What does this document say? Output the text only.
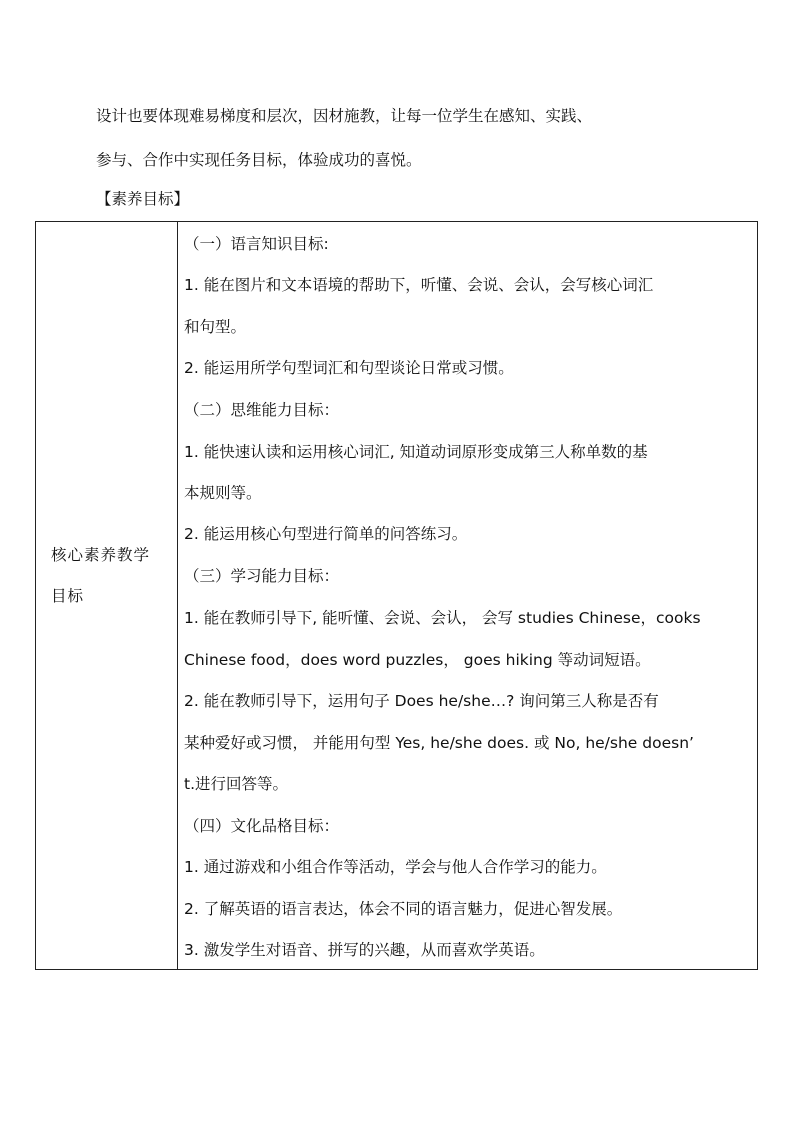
设计也要体现难易梯度和层次，因材施教，让每一位学生在感知、实践、
参与、合作中实现任务目标，体验成功的喜悦。
【素养目标】
核心素养教学
目标
（一）语言知识目标:
1. 能在图片和文本语境的帮助下，听懂、会说、会认，会写核心词汇
和句型。
2. 能运用所学句型词汇和句型谈论日常或习惯。
（二）思维能力目标：
1. 能快速认读和运用核心词汇, 知道动词原形变成第三人称单数的基
本规则等。
2. 能运用核心句型进行简单的问答练习。
（三）学习能力目标：
1. 能在教师引导下, 能听懂、会说、会认， 会写 studies Chinese，cooks
Chinese food，does word puzzles， goes hiking 等动词短语。
2. 能在教师引导下，运用句子 Does he/she…? 询问第三人称是否有
某种爱好或习惯， 并能用句型 Yes, he/she does. 或 No, he/she doesn’
t.进行回答等。
（四）文化品格目标：
1. 通过游戏和小组合作等活动，学会与他人合作学习的能力。
2. 了解英语的语言表达，体会不同的语言魅力，促进心智发展。
3. 激发学生对语音、拼写的兴趣，从而喜欢学英语。
